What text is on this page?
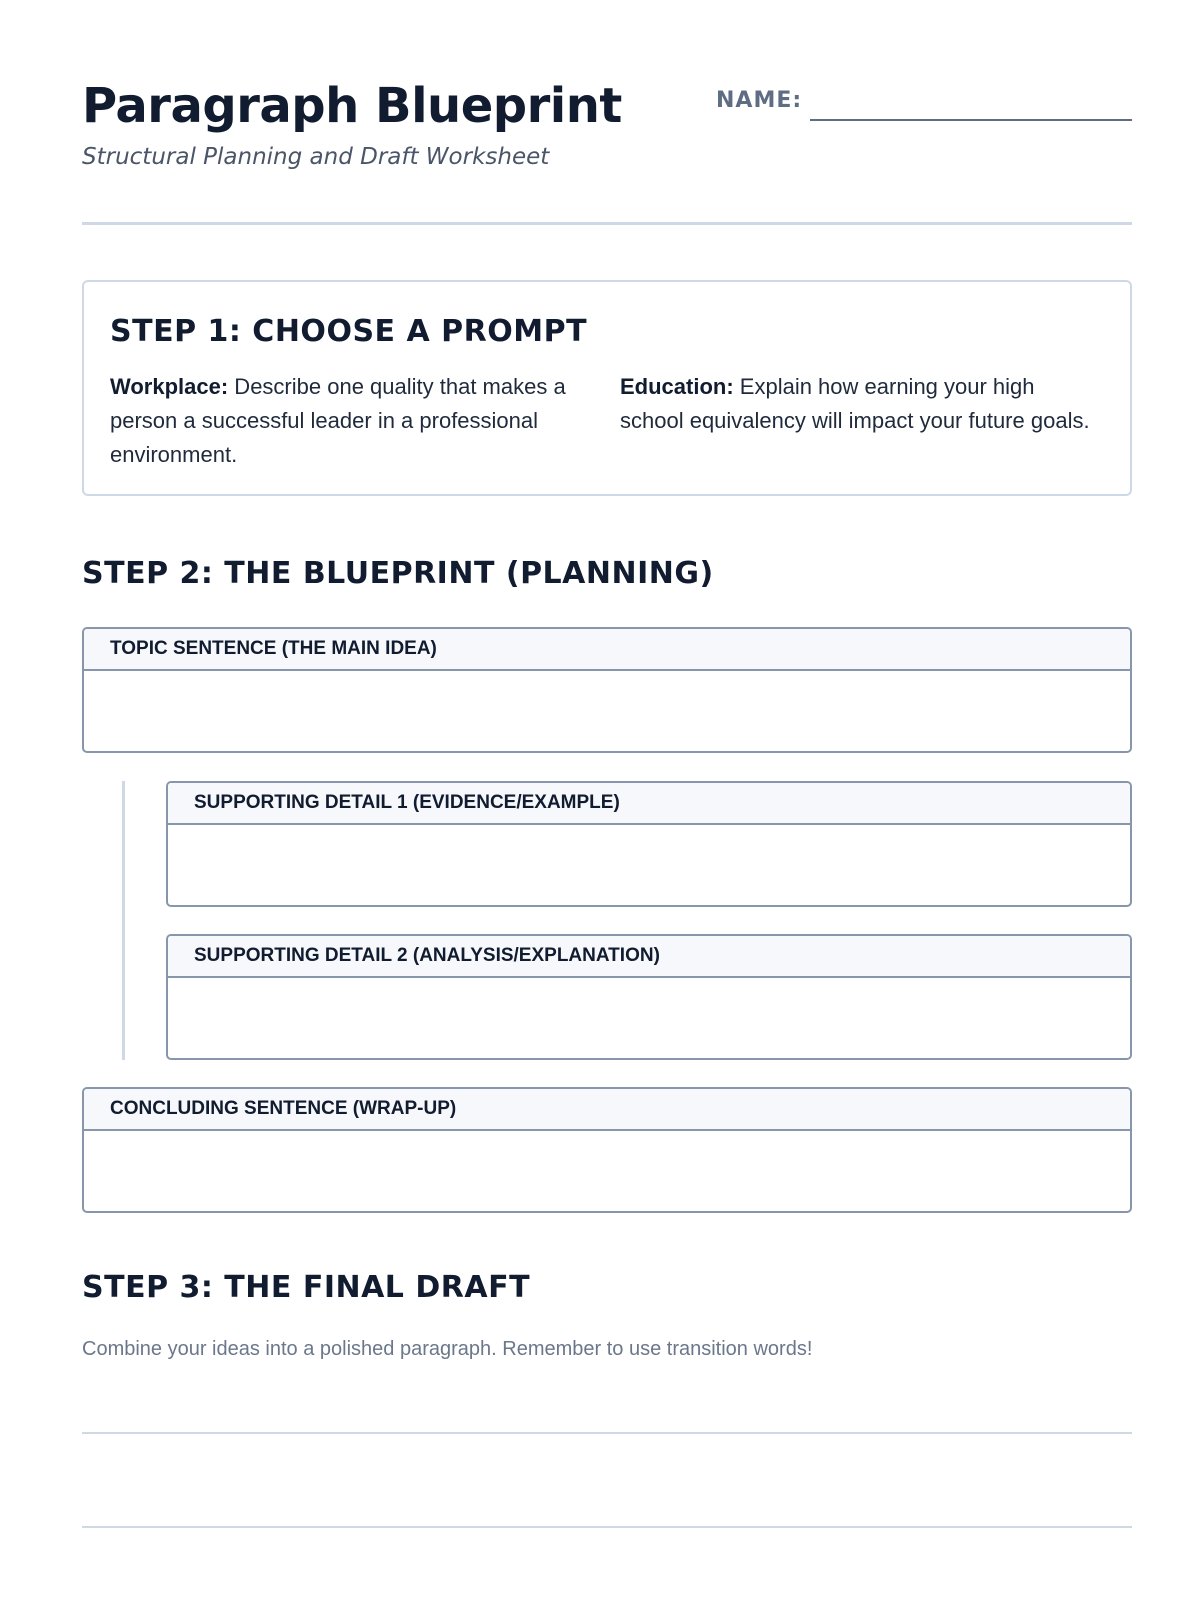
Paragraph Blueprint
Structural Planning and Draft Worksheet
NAME:
STEP 1: CHOOSE A PROMPT
Workplace: Describe one quality that makes a person a successful leader in a professional environment.
Education: Explain how earning your high school equivalency will impact your future goals.
STEP 2: THE BLUEPRINT (PLANNING)
TOPIC SENTENCE (THE MAIN IDEA)
SUPPORTING DETAIL 1 (EVIDENCE/EXAMPLE)
SUPPORTING DETAIL 2 (ANALYSIS/EXPLANATION)
CONCLUDING SENTENCE (WRAP-UP)
STEP 3: THE FINAL DRAFT
Combine your ideas into a polished paragraph. Remember to use transition words!
